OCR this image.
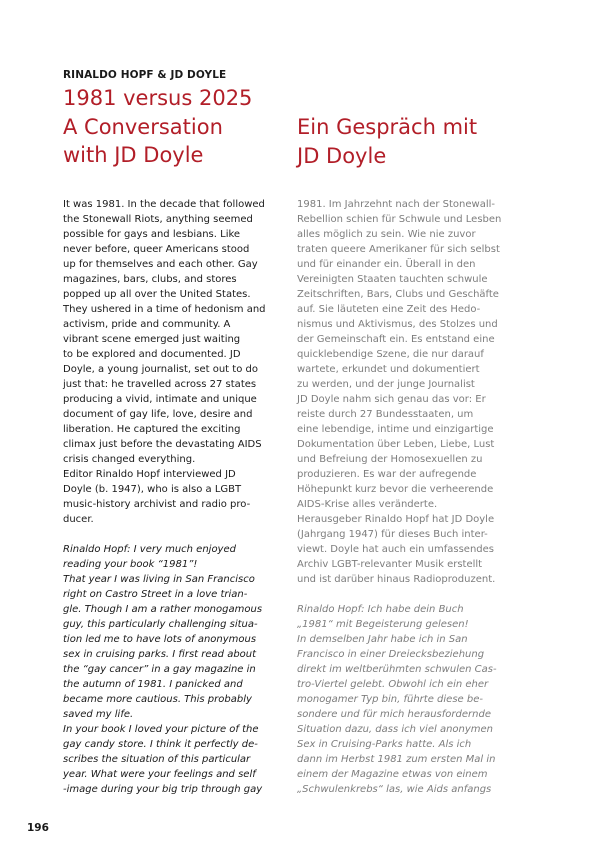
RINALDO HOPF & JD DOYLE
1981 versus 2025
A Conversation
with JD Doyle
Ein Gespräch mit
JD Doyle
It was 1981. In the decade that followed
the Stonewall Riots, anything seemed
possible for gays and lesbians. Like
never before, queer Americans stood
up for themselves and each other. Gay
magazines, bars, clubs, and stores
popped up all over the United States.
They ushered in a time of hedonism and
activism, pride and community. A
vibrant scene emerged just waiting
to be explored and documented. JD
Doyle, a young journalist, set out to do
just that: he travelled across 27 states
producing a vivid, intimate and unique
document of gay life, love, desire and
liberation. He captured the exciting
climax just before the devastating AIDS
crisis changed everything.
Editor Rinaldo Hopf interviewed JD
Doyle (b. 1947), who is also a LGBT
music-history archivist and radio pro-
ducer.
Rinaldo Hopf: I very much enjoyed
reading your book “1981”!
That year I was living in San Francisco
right on Castro Street in a love trian-
gle. Though I am a rather monogamous
guy, this particularly challenging situa-
tion led me to have lots of anonymous
sex in cruising parks. I first read about
the “gay cancer” in a gay magazine in
the autumn of 1981. I panicked and
became more cautious. This probably
saved my life.
In your book I loved your picture of the
gay candy store. I think it perfectly de-
scribes the situation of this particular
year. What were your feelings and self
-image during your big trip through gay
1981. Im Jahrzehnt nach der Stonewall-
Rebellion schien für Schwule und Lesben
alles möglich zu sein. Wie nie zuvor
traten queere Amerikaner für sich selbst
und für einander ein. Überall in den
Vereinigten Staaten tauchten schwule
Zeitschriften, Bars, Clubs und Geschäfte
auf. Sie läuteten eine Zeit des Hedo-
nismus und Aktivismus, des Stolzes und
der Gemeinschaft ein. Es entstand eine
quicklebendige Szene, die nur darauf
wartete, erkundet und dokumentiert
zu werden, und der junge Journalist
JD Doyle nahm sich genau das vor: Er
reiste durch 27 Bundesstaaten, um
eine lebendige, intime und einzigartige
Dokumentation über Leben, Liebe, Lust
und Befreiung der Homosexuellen zu
produzieren. Es war der aufregende
Höhepunkt kurz bevor die verheerende
AIDS-Krise alles veränderte.
Herausgeber Rinaldo Hopf hat JD Doyle
(Jahrgang 1947) für dieses Buch inter-
viewt. Doyle hat auch ein umfassendes
Archiv LGBT-relevanter Musik erstellt
und ist darüber hinaus Radioproduzent.
Rinaldo Hopf: Ich habe dein Buch
„1981“ mit Begeisterung gelesen!
In demselben Jahr habe ich in San
Francisco in einer Dreiecksbeziehung
direkt im weltberühmten schwulen Cas-
tro-Viertel gelebt. Obwohl ich ein eher
monogamer Typ bin, führte diese be-
sondere und für mich herausfordernde
Situation dazu, dass ich viel anonymen
Sex in Cruising-Parks hatte. Als ich
dann im Herbst 1981 zum ersten Mal in
einem der Magazine etwas von einem
„Schwulenkrebs“ las, wie Aids anfangs
196
